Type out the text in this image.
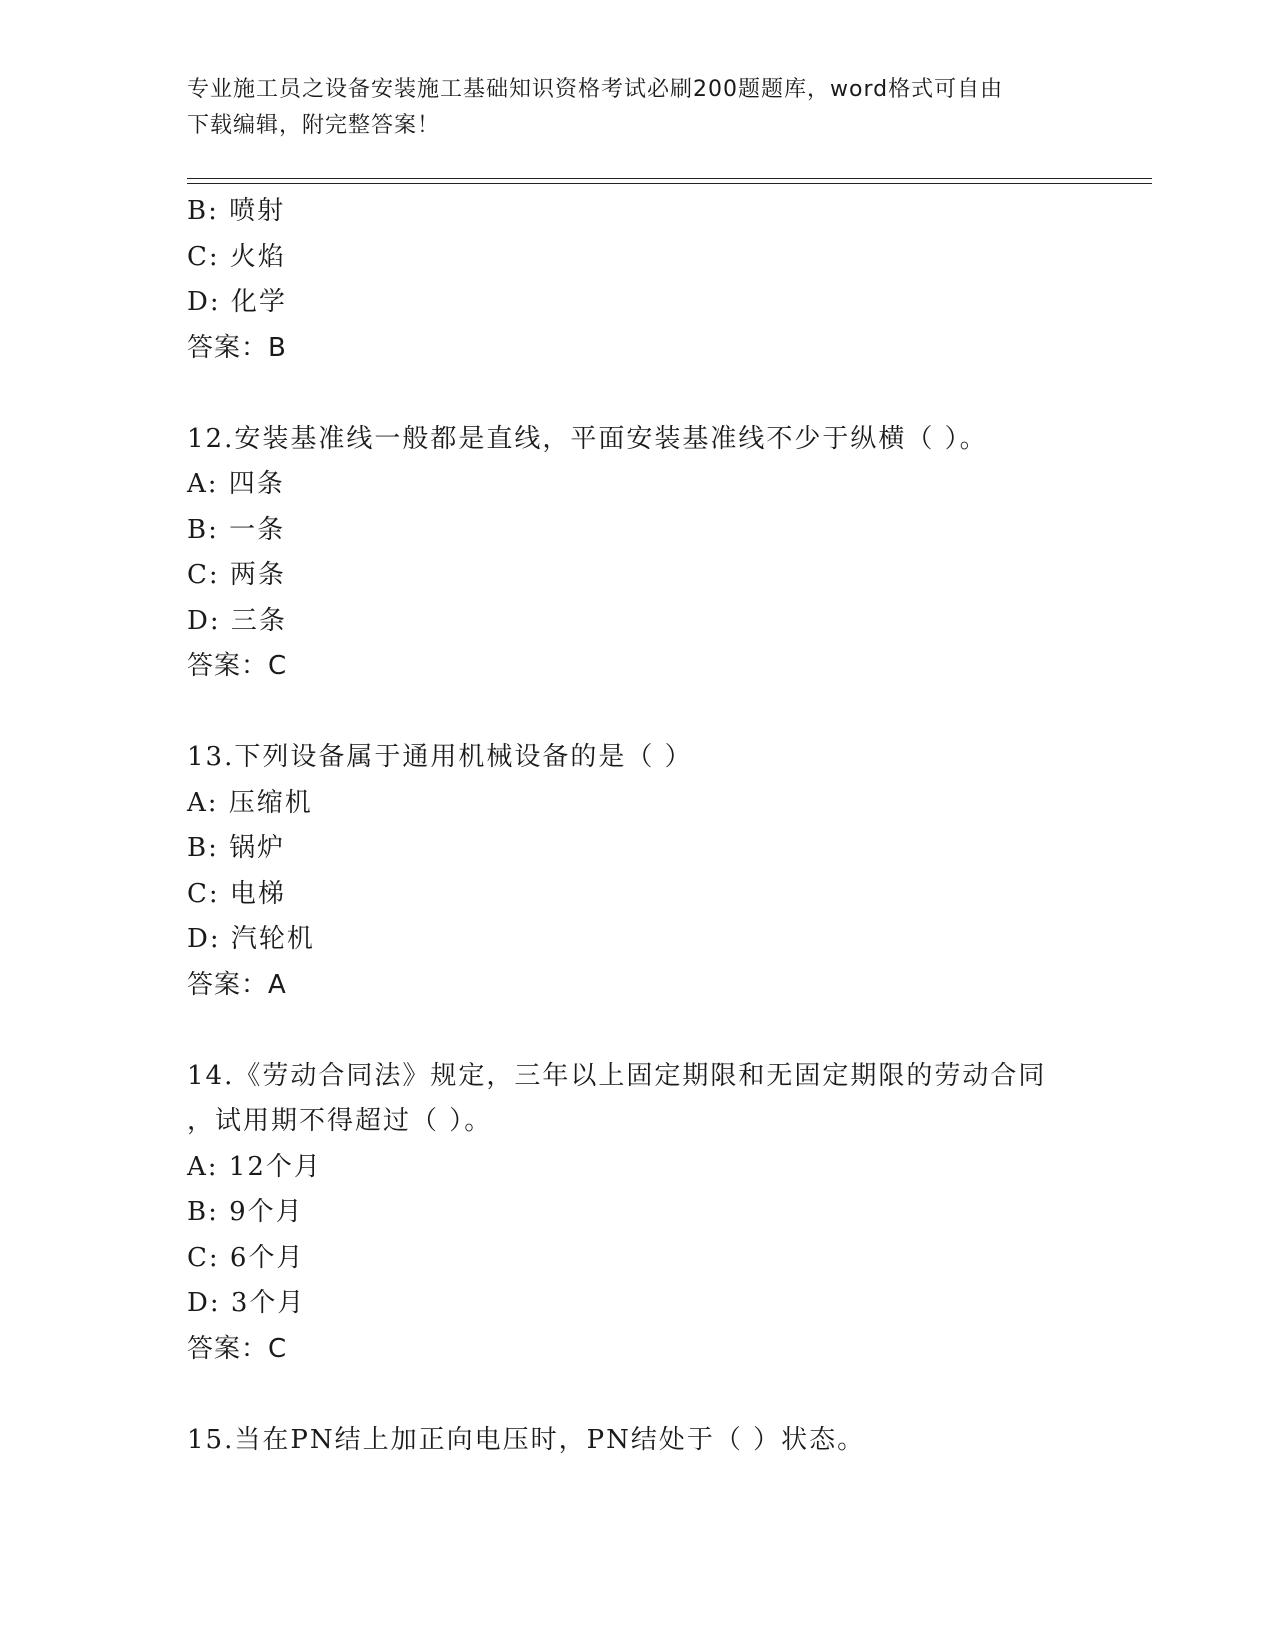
专业施工员之设备安装施工基础知识资格考试必刷200题题库，word格式可自由
下载编辑，附完整答案！
B: 喷射
C: 火焰
D: 化学
答案：B
12.安装基准线一般都是直线，平面安装基准线不少于纵横（ ）。
A: 四条
B: 一条
C: 两条
D: 三条
答案：C
13.下列设备属于通用机械设备的是（ ）
A: 压缩机
B: 锅炉
C: 电梯
D: 汽轮机
答案：A
14.《劳动合同法》规定，三年以上固定期限和无固定期限的劳动合同
，试用期不得超过（ ）。
A: 12个月
B: 9个月
C: 6个月
D: 3个月
答案：C
15.当在PN结上加正向电压时，PN结处于（ ）状态。
